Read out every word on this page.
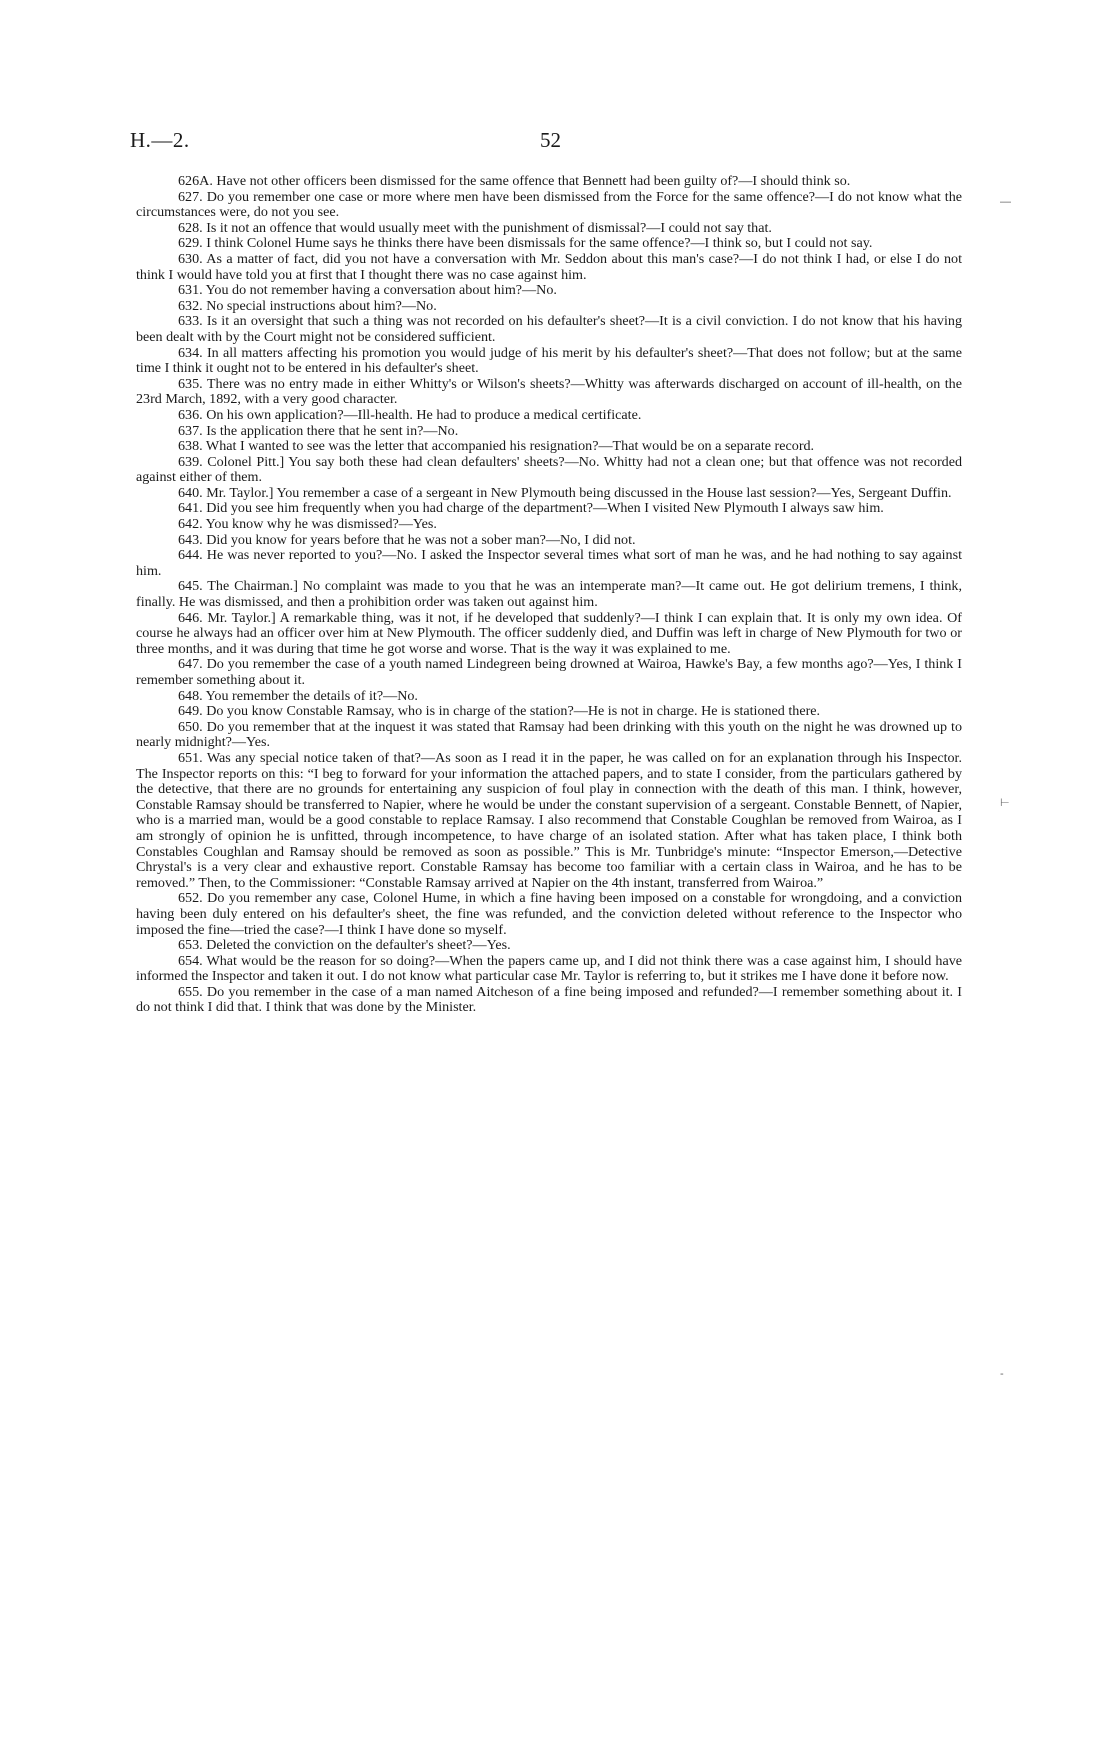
H.—2.	52
—
⊢
-

626A. Have not other officers been dismissed for the same offence that Bennett had been guilty of?—I should think so.

627. Do you remember one case or more where men have been dismissed from the Force for the same offence?—I do not know what the circumstances were, do not you see.

628. Is it not an offence that would usually meet with the punishment of dismissal?—I could not say that.

629. I think Colonel Hume says he thinks there have been dismissals for the same offence?—I think so, but I could not say.

630. As a matter of fact, did you not have a conversation with Mr. Seddon about this man's case?—I do not think I had, or else I do not think I would have told you at first that I thought there was no case against him.

631. You do not remember having a conversation about him?—No.

632. No special instructions about him?—No.

633. Is it an oversight that such a thing was not recorded on his defaulter's sheet?—It is a civil conviction. I do not know that his having been dealt with by the Court might not be considered sufficient.

634. In all matters affecting his promotion you would judge of his merit by his defaulter's sheet?—That does not follow; but at the same time I think it ought not to be entered in his defaulter's sheet.

635. There was no entry made in either Whitty's or Wilson's sheets?—Whitty was afterwards discharged on account of ill-health, on the 23rd March, 1892, with a very good character.

636. On his own application?—Ill-health. He had to produce a medical certificate.

637. Is the application there that he sent in?—No.

638. What I wanted to see was the letter that accompanied his resignation?—That would be on a separate record.

639. Colonel Pitt.] You say both these had clean defaulters' sheets?—No. Whitty had not a clean one; but that offence was not recorded against either of them.

640. Mr. Taylor.] You remember a case of a sergeant in New Plymouth being discussed in the House last session?—Yes, Sergeant Duffin.

641. Did you see him frequently when you had charge of the department?—When I visited New Plymouth I always saw him.

642. You know why he was dismissed?—Yes.

643. Did you know for years before that he was not a sober man?—No, I did not.

644. He was never reported to you?—No. I asked the Inspector several times what sort of man he was, and he had nothing to say against him.

645. The Chairman.] No complaint was made to you that he was an intemperate man?—It came out. He got delirium tremens, I think, finally. He was dismissed, and then a prohibition order was taken out against him.

646. Mr. Taylor.] A remarkable thing, was it not, if he developed that suddenly?—I think I can explain that. It is only my own idea. Of course he always had an officer over him at New Plymouth. The officer suddenly died, and Duffin was left in charge of New Plymouth for two or three months, and it was during that time he got worse and worse. That is the way it was explained to me.

647. Do you remember the case of a youth named Lindegreen being drowned at Wairoa, Hawke's Bay, a few months ago?—Yes, I think I remember something about it.

648. You remember the details of it?—No.

649. Do you know Constable Ramsay, who is in charge of the station?—He is not in charge. He is stationed there.

650. Do you remember that at the inquest it was stated that Ramsay had been drinking with this youth on the night he was drowned up to nearly midnight?—Yes.

651. Was any special notice taken of that?—As soon as I read it in the paper, he was called on for an explanation through his Inspector. The Inspector reports on this: “I beg to forward for your information the attached papers, and to state I consider, from the particulars gathered by the detective, that there are no grounds for entertaining any suspicion of foul play in connection with the death of this man. I think, however, Constable Ramsay should be transferred to Napier, where he would be under the constant supervision of a sergeant. Constable Bennett, of Napier, who is a married man, would be a good constable to replace Ramsay. I also recommend that Constable Coughlan be removed from Wairoa, as I am strongly of opinion he is unfitted, through incompetence, to have charge of an isolated station. After what has taken place, I think both Constables Coughlan and Ramsay should be removed as soon as possible.” This is Mr. Tunbridge's minute: “Inspector Emerson,—Detective Chrystal's is a very clear and exhaustive report. Constable Ramsay has become too familiar with a certain class in Wairoa, and he has to be removed.” Then, to the Commissioner: “Constable Ramsay arrived at Napier on the 4th instant, transferred from Wairoa.”

652. Do you remember any case, Colonel Hume, in which a fine having been imposed on a constable for wrongdoing, and a conviction having been duly entered on his defaulter's sheet, the fine was refunded, and the conviction deleted without reference to the Inspector who imposed the fine—tried the case?—I think I have done so myself.

653. Deleted the conviction on the defaulter's sheet?—Yes.

654. What would be the reason for so doing?—When the papers came up, and I did not think there was a case against him, I should have informed the Inspector and taken it out. I do not know what particular case Mr. Taylor is referring to, but it strikes me I have done it before now.

655. Do you remember in the case of a man named Aitcheson of a fine being imposed and refunded?—I remember something about it. I do not think I did that. I think that was done by the Minister.
